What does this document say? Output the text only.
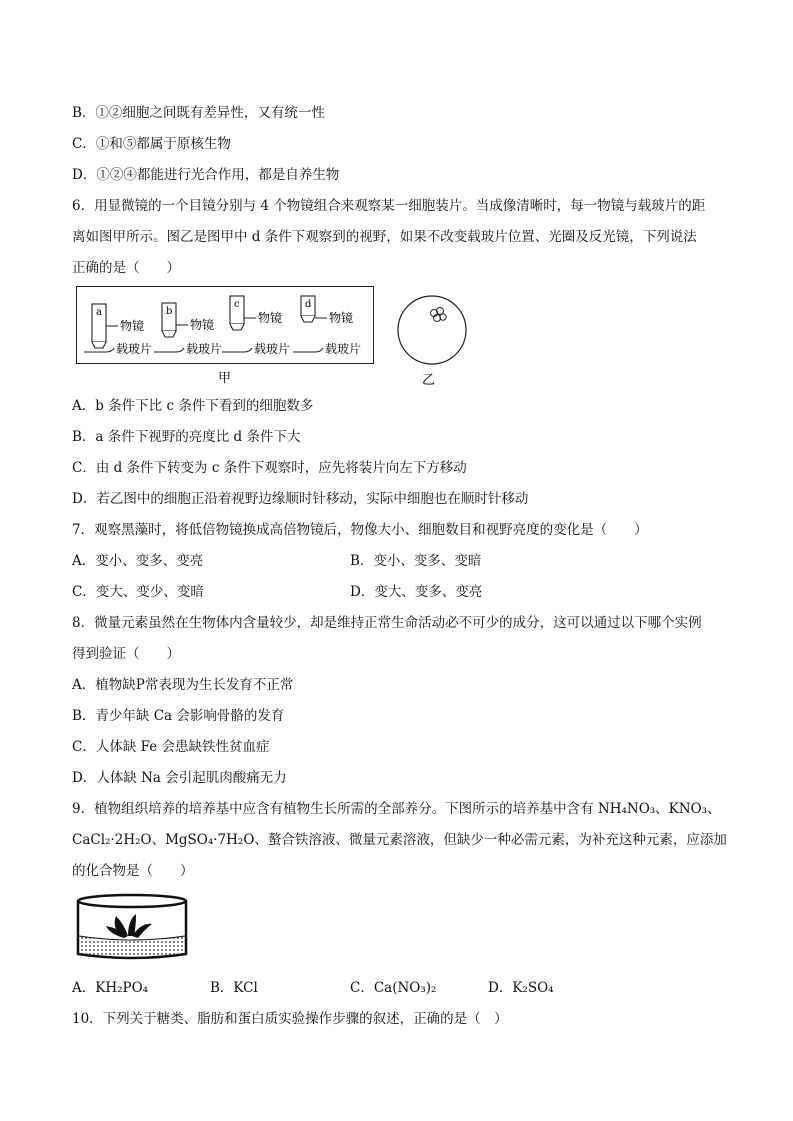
B．①②细胞之间既有差异性，又有统一性
C．①和⑤都属于原核生物
D．①②④都能进行光合作用，都是自养生物
6．用显微镜的一个目镜分别与 4 个物镜组合来观察某一细胞装片。当成像清晰时，每一物镜与载玻片的距
离如图甲所示。图乙是图甲中 d 条件下观察到的视野，如果不改变载玻片位置、光圈及反光镜，下列说法
正确的是（　　）
a
物镜
载玻片
b
物镜
载玻片
c
物镜
载玻片
d
物镜
载玻片
甲	乙
A．b 条件下比 c 条件下看到的细胞数多
B．a 条件下视野的亮度比 d 条件下大
C．由 d 条件下转变为 c 条件下观察时，应先将装片向左下方移动
D．若乙图中的细胞正沿着视野边缘顺时针移动，实际中细胞也在顺时针移动
7．观察黑藻时，将低倍物镜换成高倍物镜后，物像大小、细胞数目和视野亮度的变化是（　　）
A．变小、变多、变亮	B．变小、变多、变暗
C．变大、变少、变暗	D．变大、变多、变亮
8．微量元素虽然在生物体内含量较少，却是维持正常生命活动必不可少的成分，这可以通过以下哪个实例
得到验证（　　）
A．植物缺P常表现为生长发育不正常
B．青少年缺 Ca 会影响骨骼的发育
C．人体缺 Fe 会患缺铁性贫血症
D．人体缺 Na 会引起肌肉酸痛无力
9．植物组织培养的培养基中应含有植物生长所需的全部养分。下图所示的培养基中含有 NH₄NO₃、KNO₃、
CaCl₂·2H₂O、MgSO₄·7H₂O、螯合铁溶液、微量元素溶液，但缺少一种必需元素，为补充这种元素，应添加
的化合物是（　　）
A．KH₂PO₄	B．KCl	C．Ca(NO₃)₂	D．K₂SO₄
10．下列关于糖类、脂肪和蛋白质实验操作步骤的叙述，正确的是（　）
